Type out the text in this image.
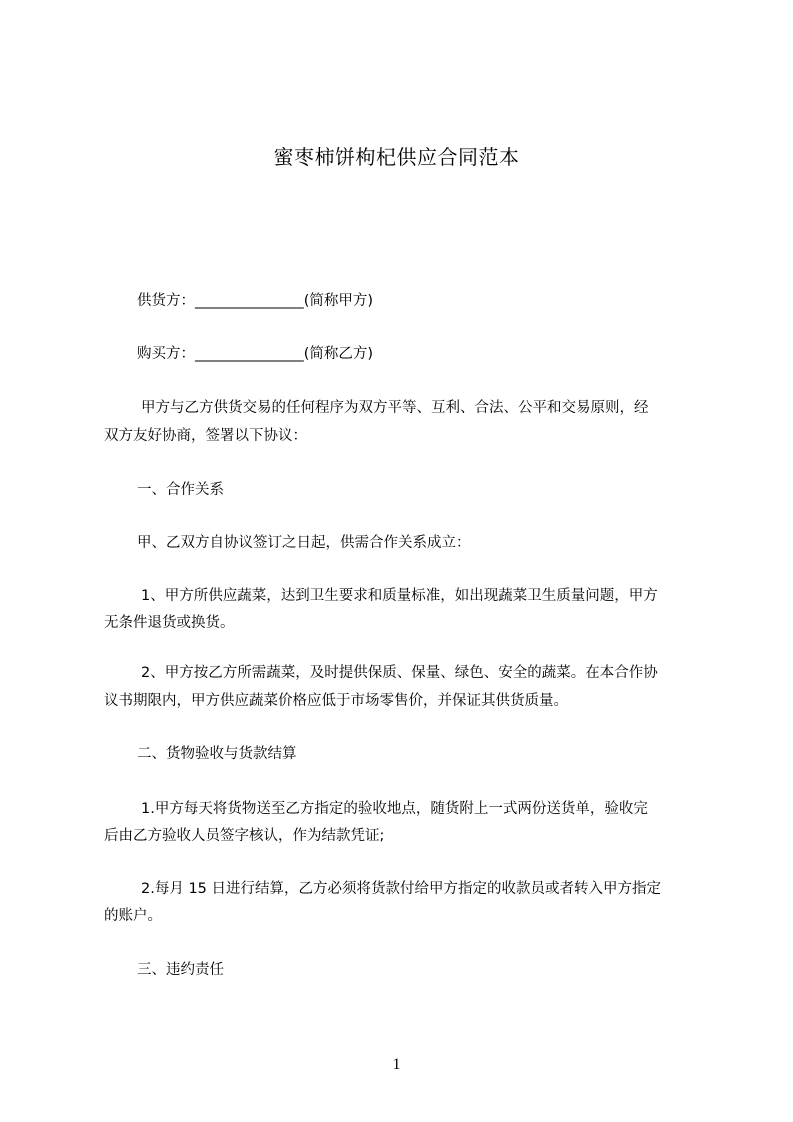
蜜枣柿饼枸杞供应合同范本
供货方：_______________(简称甲方)
购买方：_______________(简称乙方)
甲方与乙方供货交易的任何程序为双方平等、互利、合法、公平和交易原则，经
双方友好协商，签署以下协议：
一、合作关系
甲、乙双方自协议签订之日起，供需合作关系成立：
1、甲方所供应蔬菜，达到卫生要求和质量标准，如出现蔬菜卫生质量问题，甲方
无条件退货或换货。
2、甲方按乙方所需蔬菜，及时提供保质、保量、绿色、安全的蔬菜。在本合作协
议书期限内，甲方供应蔬菜价格应低于市场零售价，并保证其供货质量。
二、货物验收与货款结算
1.甲方每天将货物送至乙方指定的验收地点，随货附上一式两份送货单，验收完
后由乙方验收人员签字核认，作为结款凭证;
2.每月 15 日进行结算，乙方必须将货款付给甲方指定的收款员或者转入甲方指定
的账户。
三、违约责任
1
